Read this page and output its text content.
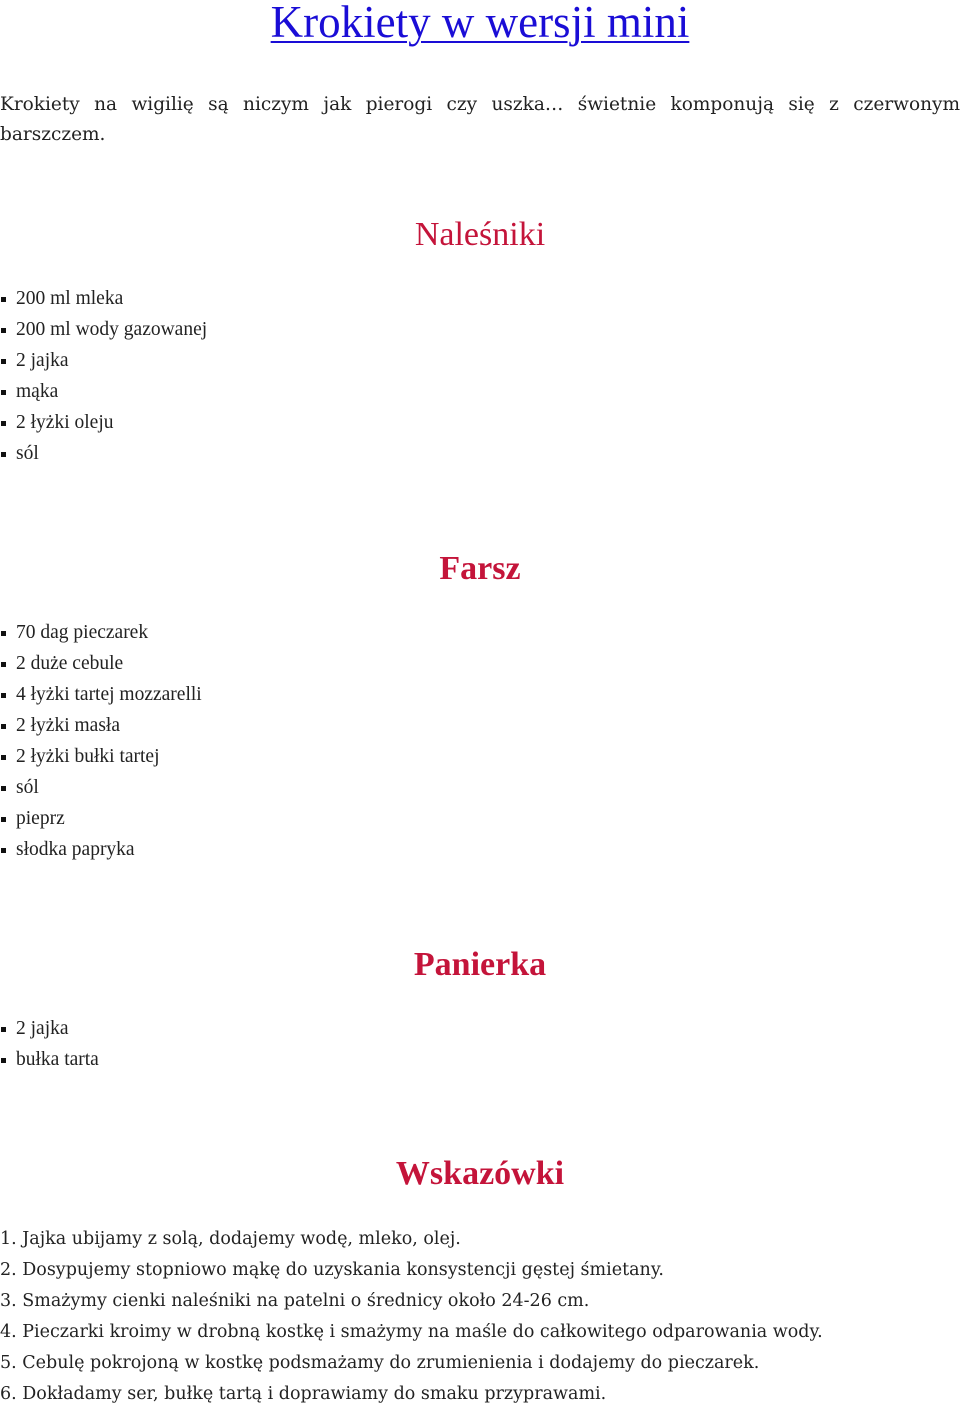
Krokiety w wersji mini

Krokiety na wigilię są niczym jak pierogi czy uszka… świetnie komponują się z czerwonym barszczem.

Naleśniki
200 ml mleka
200 ml wody gazowanej
2 jajka
mąka
2 łyżki oleju
sól
Farsz
70 dag pieczarek
2 duże cebule
4 łyżki tartej mozzarelli
2 łyżki masła
2 łyżki bułki tartej
sól
pieprz
słodka papryka
Panierka
2 jajka
bułka tarta
Wskazówki
1. Jajka ubijamy z solą, dodajemy wodę, mleko, olej.
2. Dosypujemy stopniowo mąkę do uzyskania konsystencji gęstej śmietany.
3. Smażymy cienki naleśniki na patelni o średnicy około 24-26 cm.
4. Pieczarki kroimy w drobną kostkę i smażymy na maśle do całkowitego odparowania wody.
5. Cebulę pokrojoną w kostkę podsmażamy do zrumienienia i dodajemy do pieczarek.
6. Dokładamy ser, bułkę tartą i doprawiamy do smaku przyprawami.
